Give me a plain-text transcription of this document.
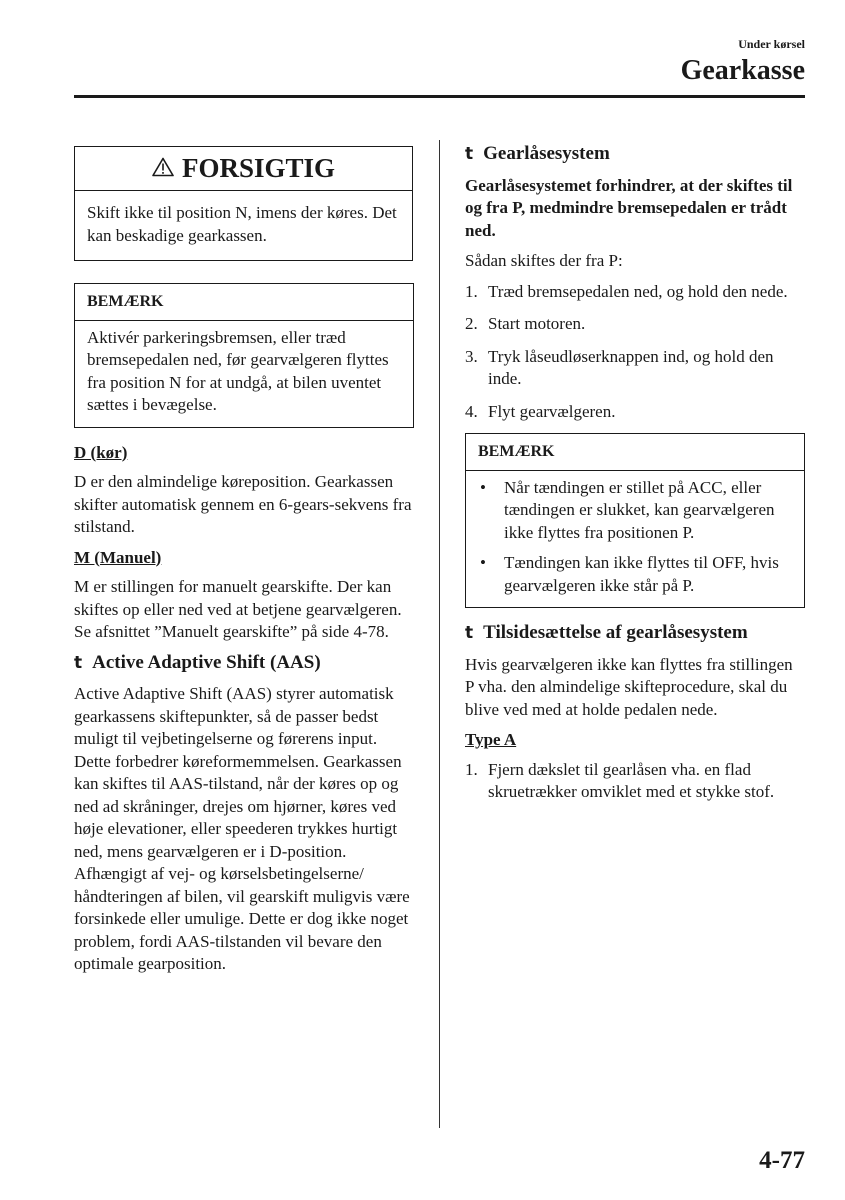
Under kørsel
Gearkasse
FORSIGTIG
Skift ikke til position N, imens der køres. Det kan beskadige gearkassen.
BEMÆRK
Aktivér parkeringsbremsen, eller træd bremsepedalen ned, før gearvælgeren flyttes fra position N for at undgå, at bilen uventet sættes i bevægelse.
D (kør)

D er den almindelige køreposition. Gearkassen skifter automatisk gennem en 6-gears-sekvens fra stilstand.

M (Manuel)

M er stillingen for manuelt gearskifte. Der kan skiftes op eller ned ved at betjene gearvælgeren.

Se afsnittet ”Manuelt gearskifte” på side 4-78.

t Active Adaptive Shift (AAS)

Active Adaptive Shift (AAS) styrer automatisk gearkassens skiftepunkter, så de passer bedst muligt til vejbetingelserne og førerens input. Dette forbedrer køreformemmelsen. Gearkassen kan skiftes til AAS-tilstand, når der køres op og ned ad skråninger, drejes om hjørner, køres ved høje elevationer, eller speederen trykkes hurtigt ned, mens gearvælgeren er i D-position.

Afhængigt af vej- og kørselsbetingelserne/ håndteringen af bilen, vil gearskift muligvis være forsinkede eller umulige. Dette er dog ikke noget problem, fordi AAS-tilstanden vil bevare den optimale gearposition.

t Gearlåsesystem

Gearlåsesystemet forhindrer, at der skiftes til og fra P, medmindre bremsepedalen er trådt ned.

Sådan skiftes der fra P:

1. Træd bremsepedalen ned, og hold den nede.
2. Start motoren.
3. Tryk låseudløserknappen ind, og hold den inde.
4. Flyt gearvælgeren.
BEMÆRK
•	Når tændingen er stillet på ACC, eller tændingen er slukket, kan gearvælgeren ikke flyttes fra positionen P.
•	Tændingen kan ikke flyttes til OFF, hvis gearvælgeren ikke står på P.
t Tilsidesættelse af gearlåsesystem

Hvis gearvælgeren ikke kan flyttes fra stillingen P vha. den almindelige skifteprocedure, skal du blive ved med at holde pedalen nede.

Type A
1. Fjern dækslet til gearlåsen vha. en flad skruetrækker omviklet med et stykke stof.
4-77
